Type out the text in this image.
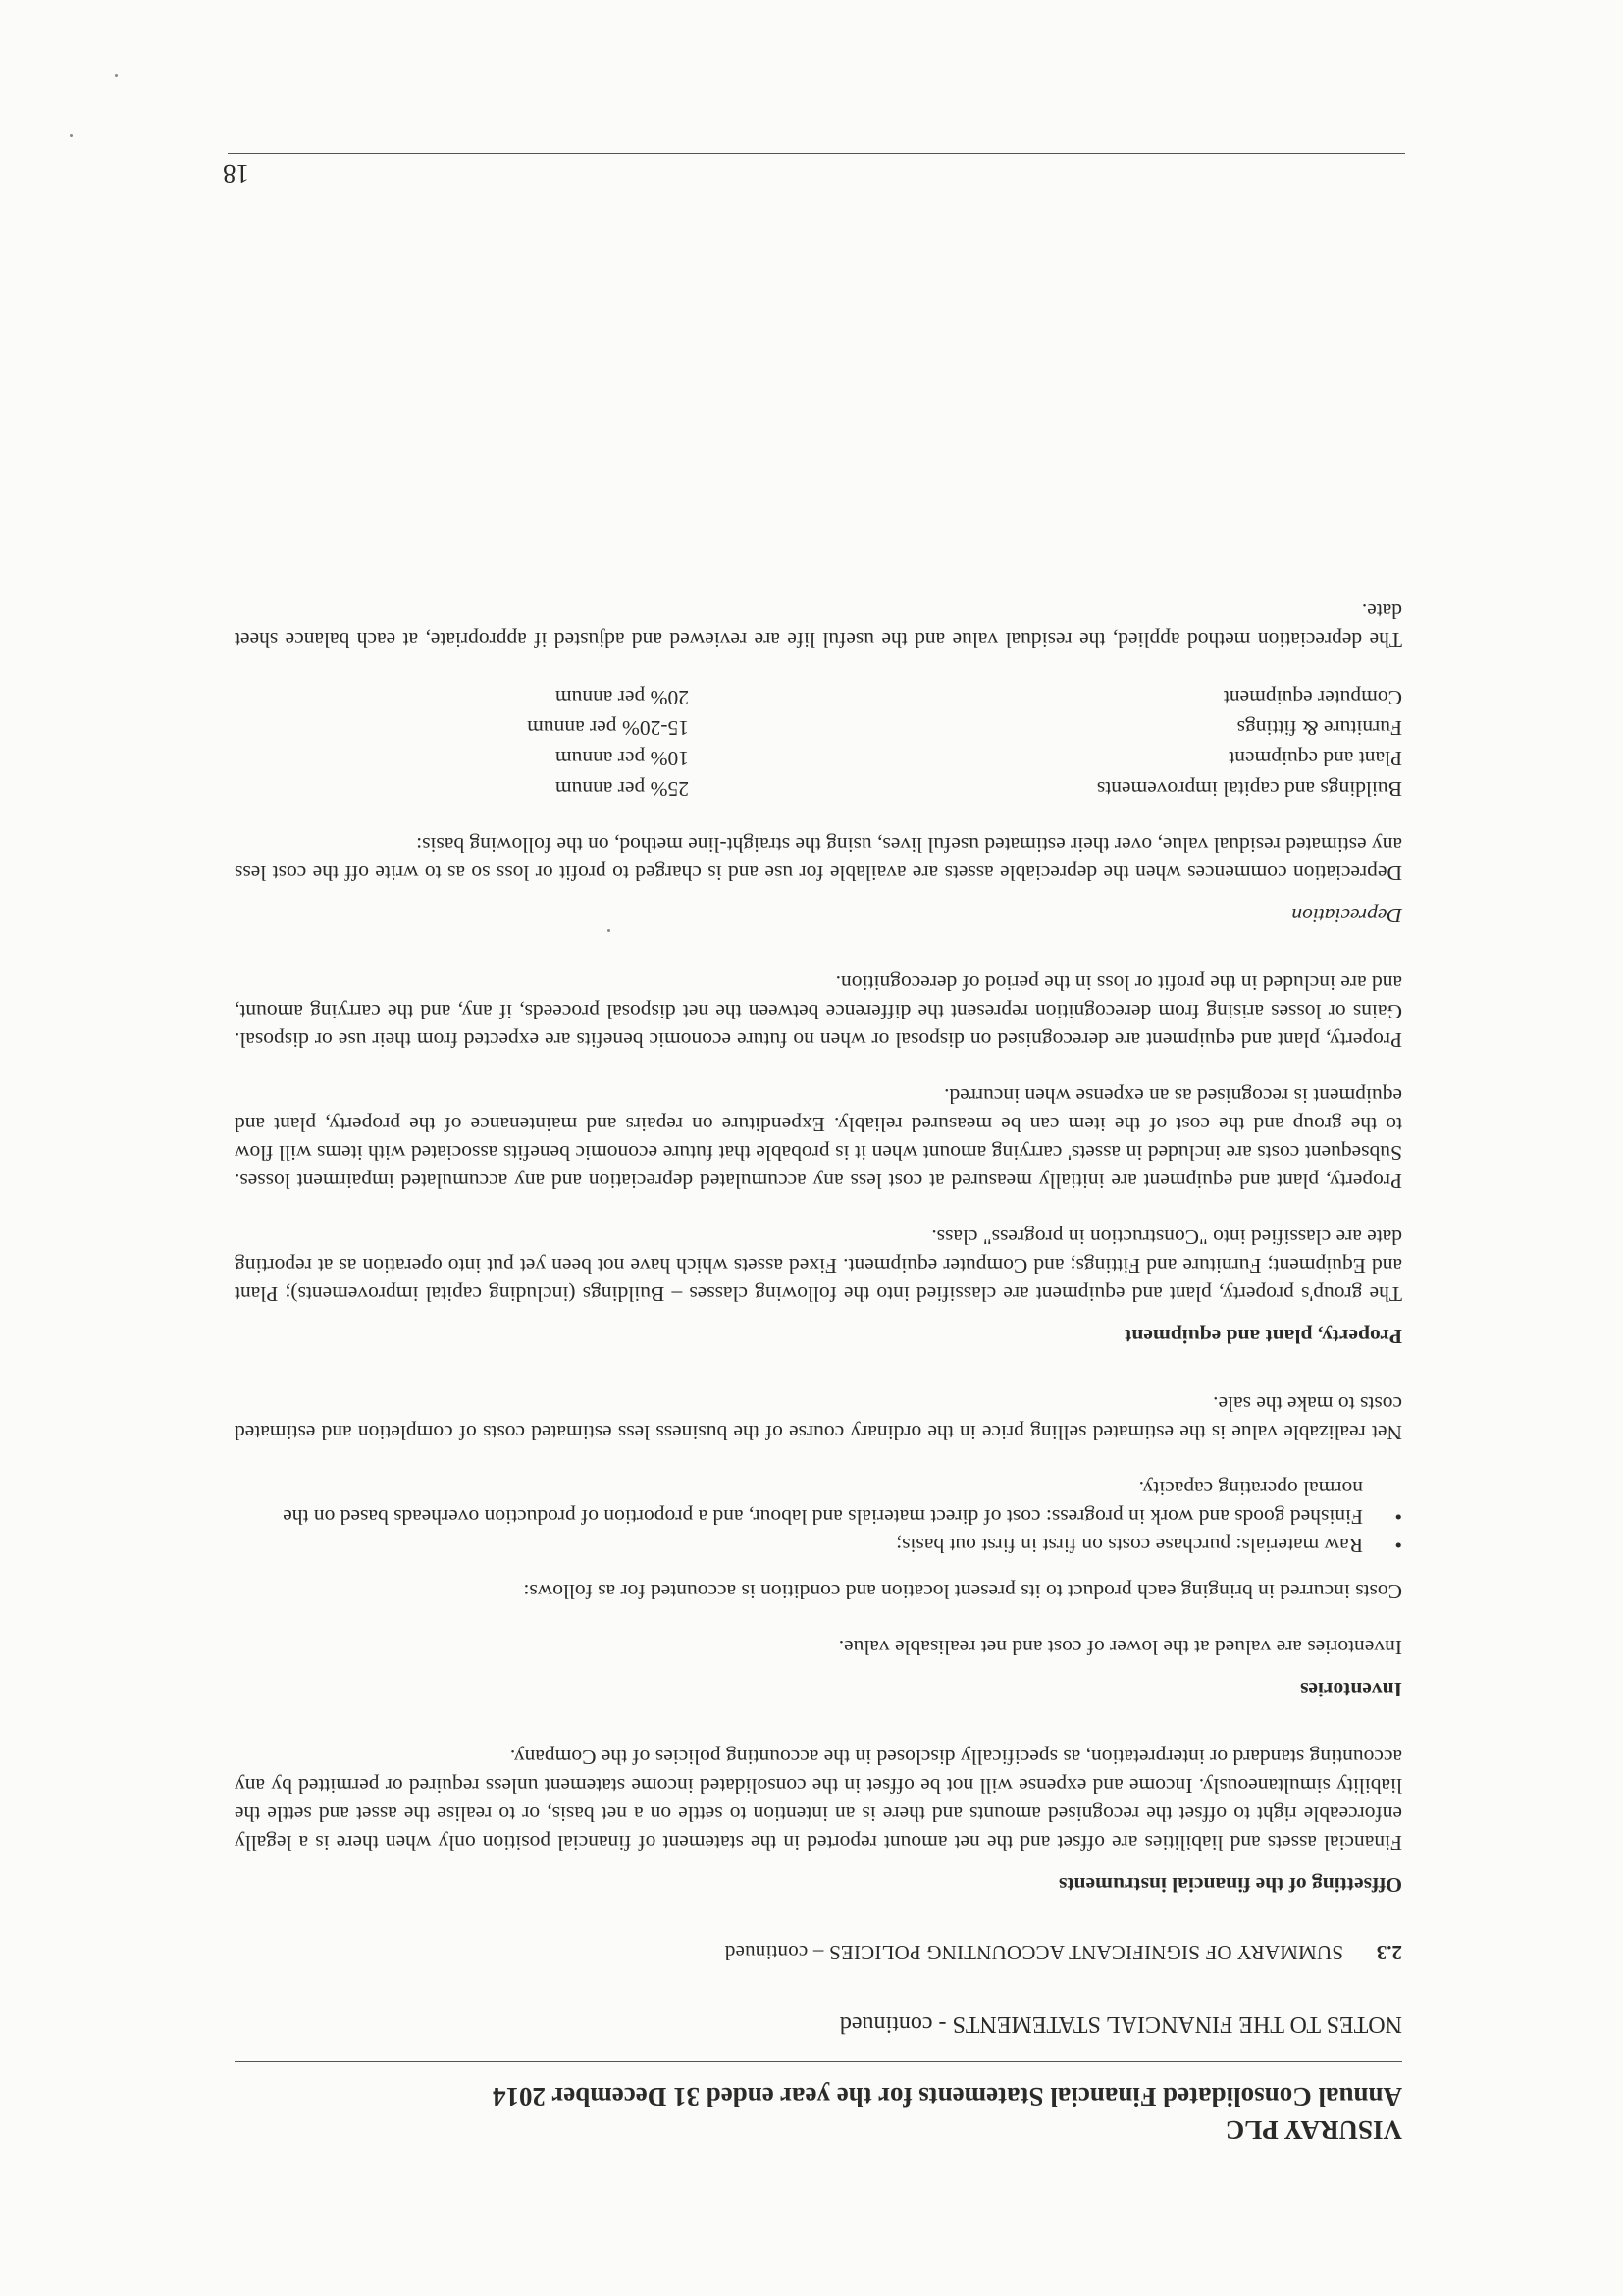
VISURAY PLC

Annual Consolidated Financial Statements for the year ended 31 December 2014

NOTES TO THE FINANCIAL STATEMENTS - continued

2.3
SUMMARY OF SIGNIFICANT ACCOUNTING POLICIES – continued
Offsetting of the financial instruments

Financial assets and liabilities are offset and the net amount reported in the statement of financial position only when there is a legally enforceable right to offset the recognised amounts and there is an intention to settle on a net basis, or to realise the asset and settle the liability simultaneously. Income and expense will not be offset in the consolidated income statement unless required or permitted by any accounting standard or interpretation, as specifically disclosed in the accounting policies of the Company.

Inventories

Inventories are valued at the lower of cost and net realisable value.

Costs incurred in bringing each product to its present location and condition is accounted for as follows:

•
Raw materials: purchase costs on first in first out basis;
•
Finished goods and work in progress: cost of direct materials and labour, and a proportion of production overheads based on the normal operating capacity.

Net realizable value is the estimated selling price in the ordinary course of the business less estimated costs of completion and estimated costs to make the sale.

Property, plant and equipment

The group's property, plant and equipment are classified into the following classes – Buildings (including capital improvements); Plant and Equipment; Furniture and Fittings; and Computer equipment. Fixed assets which have not been yet put into operation as at reporting date are classified into "Construction in progress" class.

Property, plant and equipment are initially measured at cost less any accumulated depreciation and any accumulated impairment losses. Subsequent costs are included in assets' carrying amount when it is probable that future economic benefits associated with items will flow to the group and the cost of the item can be measured reliably. Expenditure on repairs and maintenance of the property, plant and equipment is recognised as an expense when incurred.

Property, plant and equipment are derecognised on disposal or when no future economic benefits are expected from their use or disposal. Gains or losses arising from derecognition represent the difference between the net disposal proceeds, if any, and the carrying amount, and are included in the profit or loss in the period of derecognition.

Depreciation

Depreciation commences when the depreciable assets are available for use and is charged to profit or loss so as to write off the cost less any estimated residual value, over their estimated useful lives, using the straight-line method, on the following basis:

Buildings and capital improvements	25% per annum
Plant and equipment	10% per annum
Furniture & fittings	15-20% per annum
Computer equipment	20% per annum

The depreciation method applied, the residual value and the useful life are reviewed and adjusted if appropriate, at each balance sheet date.

18
